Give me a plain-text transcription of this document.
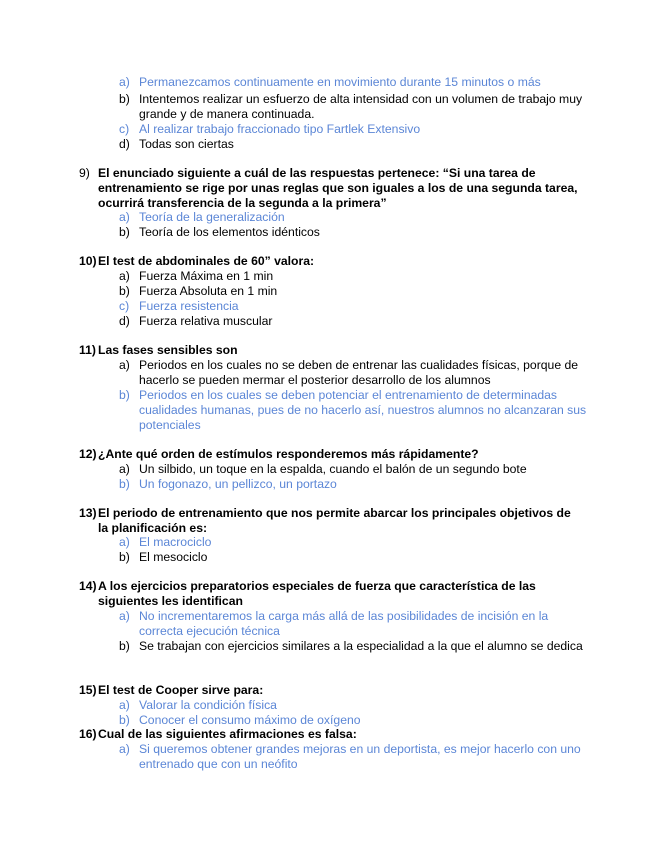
a) Permanezcamos continuamente en movimiento durante 15 minutos o más
b) Intentemos realizar un esfuerzo de alta intensidad con un volumen de trabajo muy grande y de manera continuada.
c) Al realizar trabajo fraccionado tipo Fartlek Extensivo
d) Todas son ciertas
9) El enunciado siguiente a cuál de las respuestas pertenece: “Si una tarea de entrenamiento se rige por unas reglas que son iguales a los de una segunda tarea, ocurrirá transferencia de la segunda a la primera”
a) Teoría de la generalización
b) Teoría de los elementos idénticos
10) El test de abdominales de 60” valora:
a) Fuerza Máxima en 1 min
b) Fuerza Absoluta en 1 min
c) Fuerza resistencia
d) Fuerza relativa muscular
11) Las fases sensibles son
a) Periodos en los cuales no se deben de entrenar las cualidades físicas, porque de hacerlo se pueden mermar el posterior desarrollo de los alumnos
b) Periodos en los cuales se deben potenciar el entrenamiento de determinadas cualidades humanas, pues de no hacerlo así, nuestros alumnos no alcanzaran sus potenciales
12) ¿Ante qué orden de estímulos responderemos más rápidamente?
a) Un silbido, un toque en la espalda, cuando el balón de un segundo bote
b) Un fogonazo, un pellizco, un portazo
13) El periodo de entrenamiento que nos permite abarcar los principales objetivos de la planificación es:
a) El macrociclo
b) El mesociclo
14) A los ejercicios preparatorios especiales de fuerza que característica de las siguientes les identifican
a) No incrementaremos la carga más allá de las posibilidades de incisión en la correcta ejecución técnica
b) Se trabajan con ejercicios similares a la especialidad a la que el alumno se dedica
15) El test de Cooper sirve para:
a) Valorar la condición física
b) Conocer el consumo máximo de oxígeno
16) Cual de las siguientes afirmaciones es falsa:
a) Si queremos obtener grandes mejoras en un deportista, es mejor hacerlo con uno entrenado que con un neófito
